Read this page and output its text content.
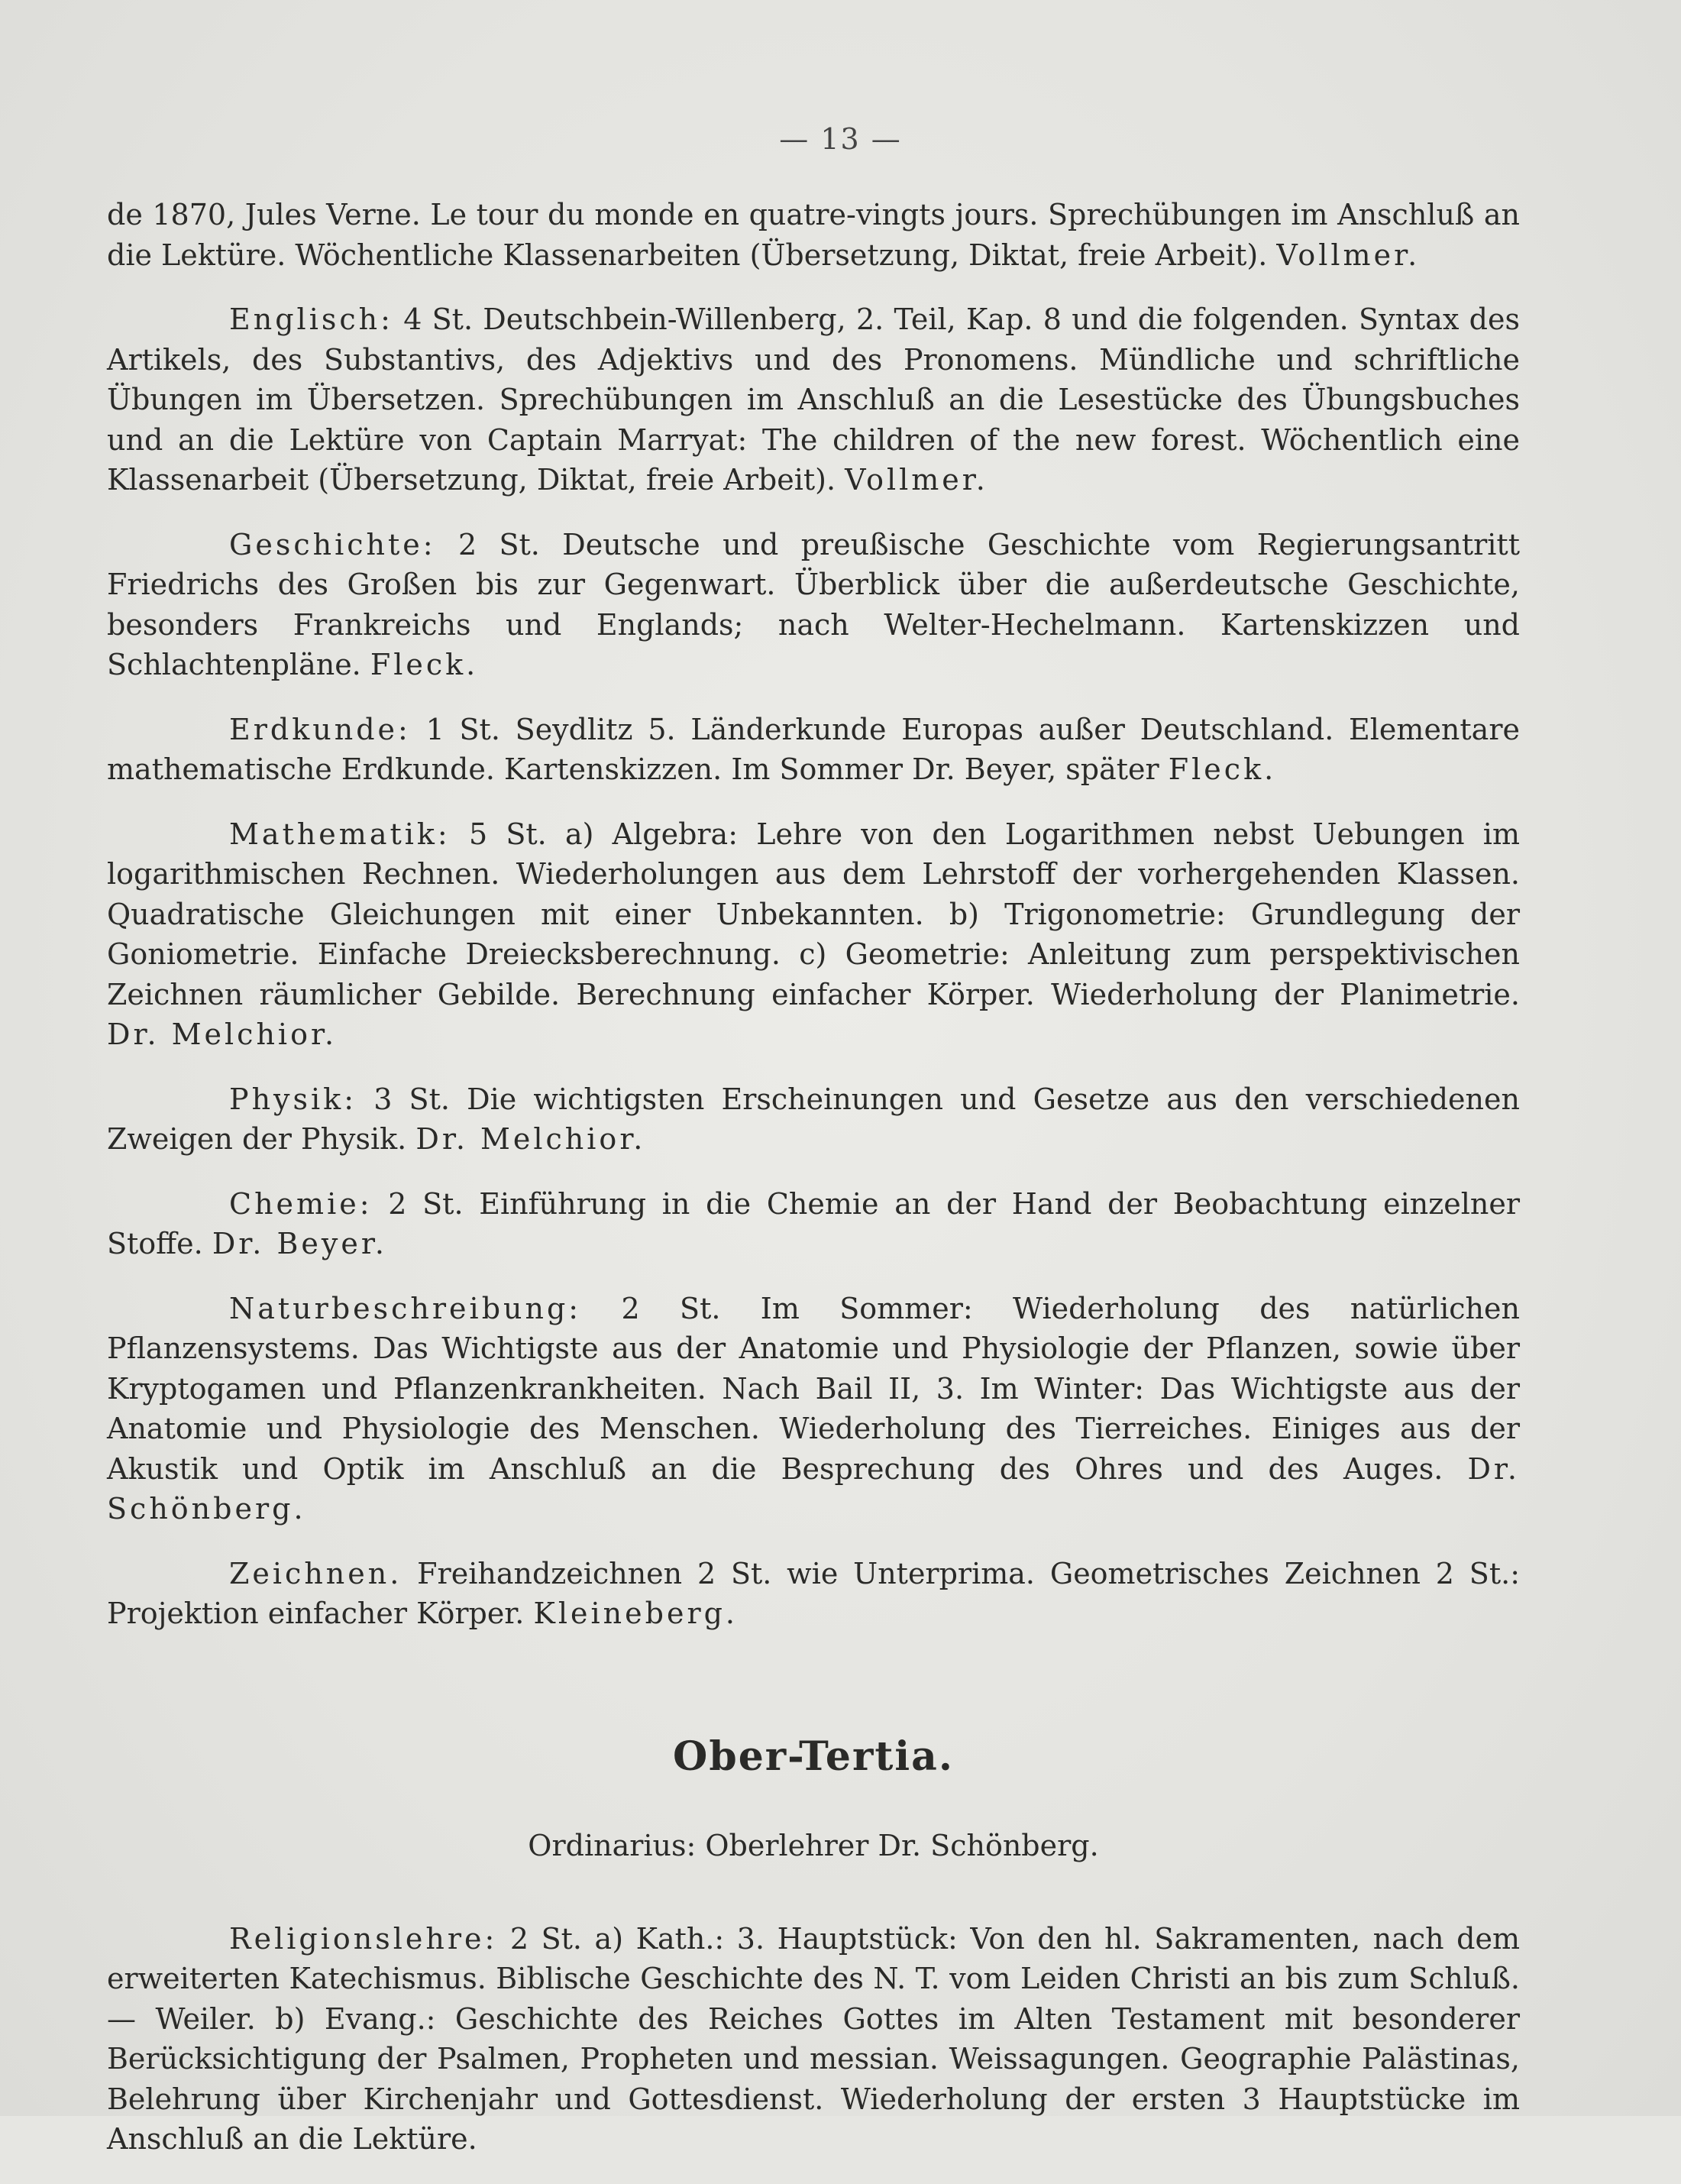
— 13 —

de 1870, Jules Verne. Le tour du monde en quatre-vingts jours. Sprechübungen im Anschluß an die Lektüre. Wöchentliche Klassenarbeiten (Übersetzung, Diktat, freie Arbeit). Vollmer.

Englisch: 4 St. Deutschbein-Willenberg, 2. Teil, Kap. 8 und die folgenden. Syntax des Artikels, des Substantivs, des Adjektivs und des Pronomens. Mündliche und schriftliche Übungen im Übersetzen. Sprechübungen im Anschluß an die Lesestücke des Übungsbuches und an die Lektüre von Captain Marryat: The children of the new forest. Wöchentlich eine Klassenarbeit (Übersetzung, Diktat, freie Arbeit). Vollmer.

Geschichte: 2 St. Deutsche und preußische Geschichte vom Regierungsantritt Friedrichs des Großen bis zur Gegenwart. Überblick über die außerdeutsche Geschichte, besonders Frankreichs und Englands; nach Welter-Hechelmann. Kartenskizzen und Schlachtenpläne. Fleck.

Erdkunde: 1 St. Seydlitz 5. Länderkunde Europas außer Deutschland. Elementare mathematische Erdkunde. Kartenskizzen. Im Sommer Dr. Beyer, später Fleck.

Mathematik: 5 St. a) Algebra: Lehre von den Logarithmen nebst Uebungen im logarithmischen Rechnen. Wiederholungen aus dem Lehrstoff der vorhergehenden Klassen. Quadratische Gleichungen mit einer Unbekannten. b) Trigonometrie: Grundlegung der Goniometrie. Einfache Dreiecksberechnung. c) Geometrie: Anleitung zum perspektivischen Zeichnen räumlicher Gebilde. Berechnung einfacher Körper. Wiederholung der Planimetrie. Dr. Melchior.

Physik: 3 St. Die wichtigsten Erscheinungen und Gesetze aus den verschiedenen Zweigen der Physik. Dr. Melchior.

Chemie: 2 St. Einführung in die Chemie an der Hand der Beobachtung einzelner Stoffe. Dr. Beyer.

Naturbeschreibung: 2 St. Im Sommer: Wiederholung des natürlichen Pflanzensystems. Das Wichtigste aus der Anatomie und Physiologie der Pflanzen, sowie über Kryptogamen und Pflanzenkrankheiten. Nach Bail II, 3. Im Winter: Das Wichtigste aus der Anatomie und Physiologie des Menschen. Wiederholung des Tierreiches. Einiges aus der Akustik und Optik im Anschluß an die Besprechung des Ohres und des Auges. Dr. Schönberg.

Zeichnen. Freihandzeichnen 2 St. wie Unterprima. Geometrisches Zeichnen 2 St.: Projektion einfacher Körper. Kleineberg.

Ober-Tertia.
Ordinarius: Oberlehrer Dr. Schönberg.

Religionslehre: 2 St. a) Kath.: 3. Hauptstück: Von den hl. Sakramenten, nach dem erweiterten Katechismus. Biblische Geschichte des N. T. vom Leiden Christi an bis zum Schluß. — Weiler. b) Evang.: Geschichte des Reiches Gottes im Alten Testament mit besonderer Berücksichtigung der Psalmen, Propheten und messian. Weissagungen. Geographie Palästinas, Belehrung über Kirchenjahr und Gottesdienst. Wiederholung der ersten 3 Hauptstücke im Anschluß an die Lektüre.
